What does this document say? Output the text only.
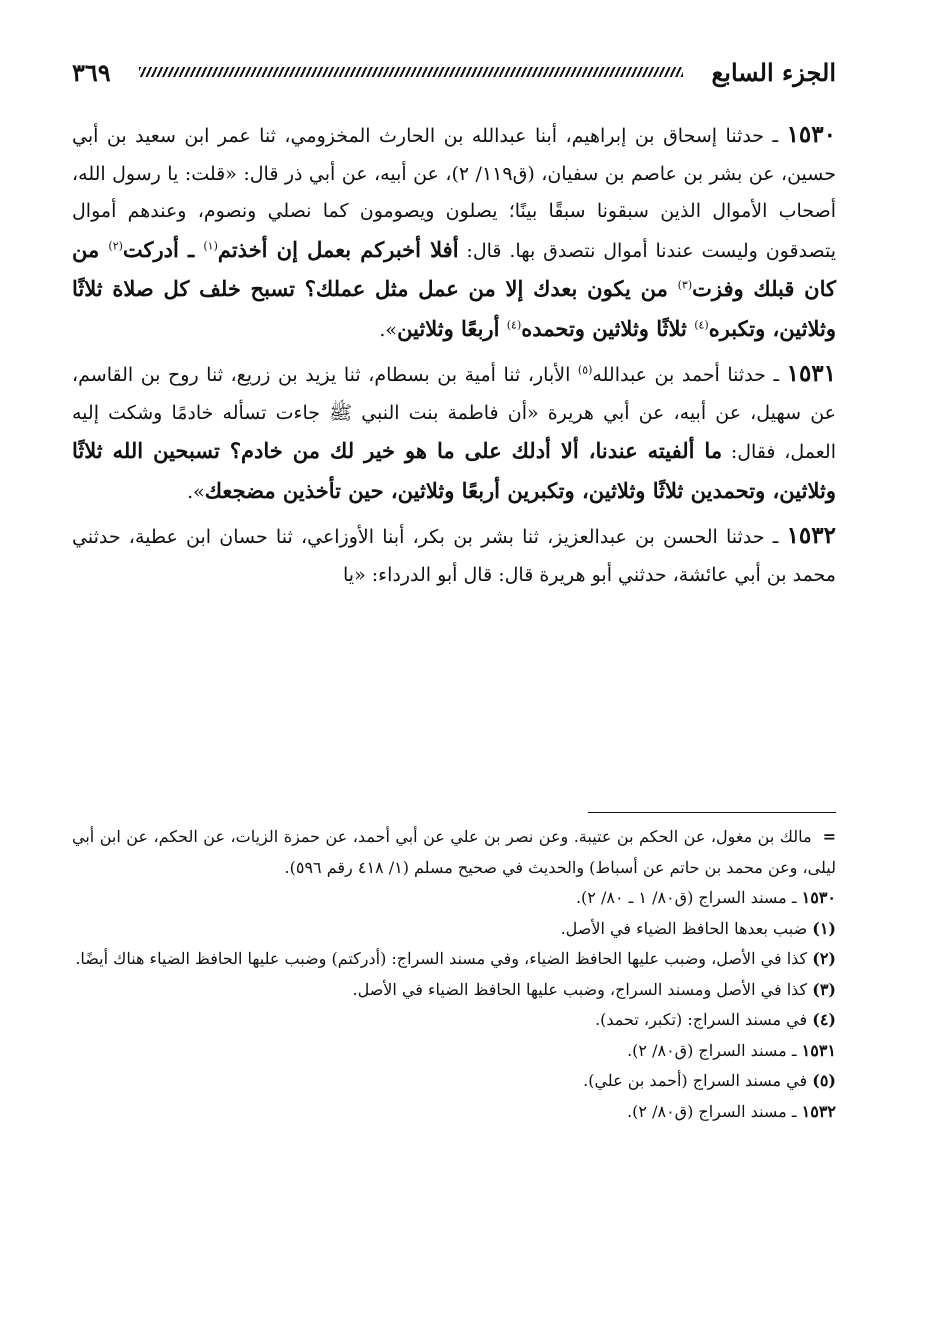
الجزء السابع
٣٦٩

١٥٣٠ ـ حدثنا إسحاق بن إبراهيم، أبنا عبدالله بن الحارث المخزومي، ثنا عمر ابن سعيد بن أبي حسين، عن بشر بن عاصم بن سفيان، (ق١١٩/ ٢)، عن أبيه، عن أبي ذر قال: «قلت: يا رسول الله، أصحاب الأموال الذين سبقونا سبقًا بينًا؛ يصلون ويصومون كما نصلي ونصوم، وعندهم أموال يتصدقون وليست عندنا أموال نتصدق بها. قال: أفلا أخبركم بعمل إن أخذتم$^{(١)}$ ـ أدركت$^{(٢)}$ من كان قبلك وفزت$^{(٣)}$ من يكون بعدك إلا من عمل مثل عملك؟ تسبح خلف كل صلاة ثلاثًا وثلاثين، وتكبره$^{(٤)}$ ثلاثًا وثلاثين وتحمده$^{(٤)}$ أربعًا وثلاثين».

١٥٣١ ـ حدثنا أحمد بن عبدالله$^{(٥)}$ الأبار، ثنا أمية بن بسطام، ثنا يزيد بن زريع، ثنا روح بن القاسم، عن سهيل، عن أبيه، عن أبي هريرة «أن فاطمة بنت النبي ﷺ جاءت تسأله خادمًا وشكت إليه العمل، فقال: ما ألفيته عندنا، ألا أدلك على ما هو خير لك من خادم؟ تسبحين الله ثلاثًا وثلاثين، وتحمدين ثلاثًا وثلاثين، وتكبرين أربعًا وثلاثين، حين تأخذين مضجعك».

١٥٣٢ ـ حدثنا الحسن بن عبدالعزيز، ثنا بشر بن بكر، أبنا الأوزاعي، ثنا حسان ابن عطية، حدثني محمد بن أبي عائشة، حدثني أبو هريرة قال: قال أبو الدرداء: «يا

=  مالك بن مغول، عن الحكم بن عتيبة. وعن نصر بن علي عن أبي أحمد، عن حمزة الزيات، عن الحكم، عن ابن أبي ليلى، وعن محمد بن حاتم عن أسباط) والحديث في صحيح مسلم (١/ ٤١٨ رقم ٥٩٦).

١٥٣٠ ـ مسند السراج (ق٨٠/ ١ ـ ٨٠/ ٢).

(١) ضبب بعدها الحافظ الضياء في الأصل.

(٢) كذا في الأصل، وضبب عليها الحافظ الضياء، وفي مسند السراج: (أدركتم) وضبب عليها الحافظ الضياء هناك أيضًا.

(٣) كذا في الأصل ومسند السراج، وضبب عليها الحافظ الضياء في الأصل.

(٤) في مسند السراج: (تكبر، تحمد).

١٥٣١ ـ مسند السراج (ق٨٠/ ٢).

(٥) في مسند السراج (أحمد بن علي).

١٥٣٢ ـ مسند السراج (ق٨٠/ ٢).
